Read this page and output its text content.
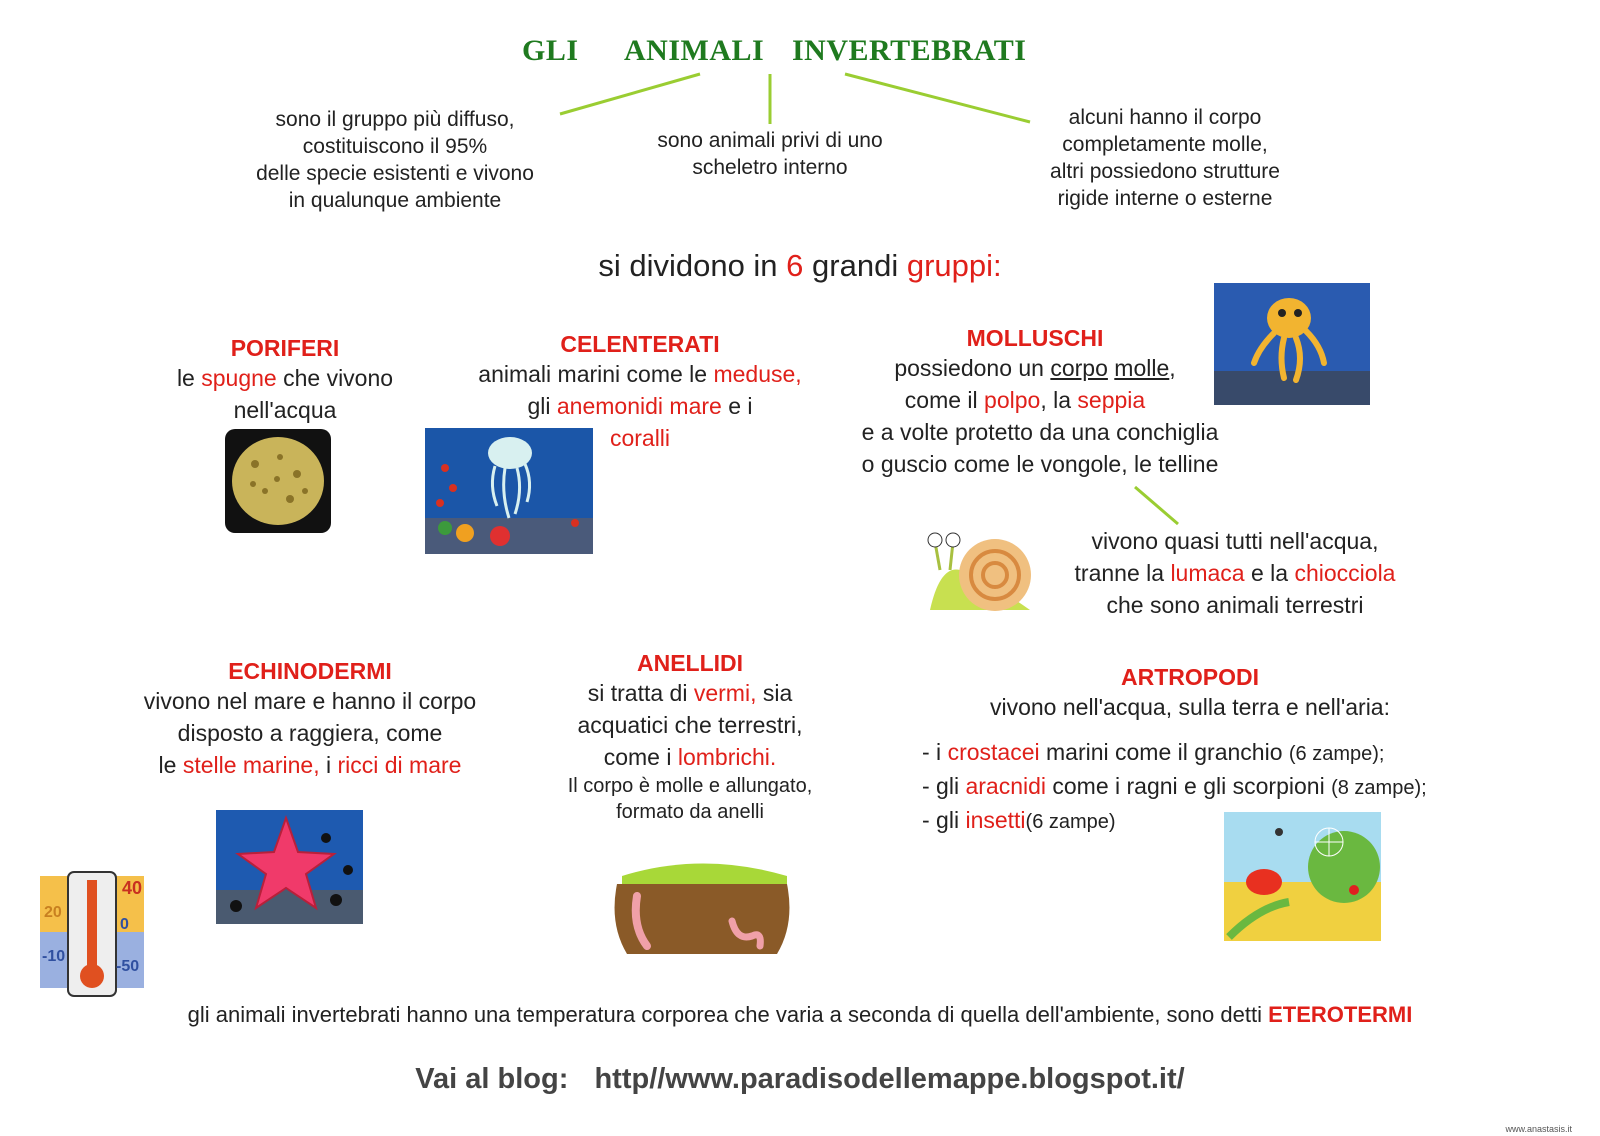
GLI ANIMALI INVERTEBRATI
sono il gruppo più diffuso,
costituiscono il 95%
delle specie esistenti e vivono
in qualunque ambiente
sono animali privi di uno
scheletro interno
alcuni hanno il corpo
completamente molle,
altri possiedono strutture
rigide interne o esterne
si dividono in 6 grandi gruppi:
PORIFERI
le spugne che vivono
nell'acqua
CELENTERATI
animali marini come le meduse,
gli anemonidi mare e i
coralli
MOLLUSCHI
possiedono un corpo molle,
come il polpo, la seppia
e a volte protetto da una conchiglia
o guscio come le vongole, le telline
vivono quasi tutti nell'acqua,
tranne la lumaca e la chiocciola
che sono animali terrestri
ECHINODERMI
vivono nel mare e hanno il corpo
disposto a raggiera, come
le stelle marine, i ricci di mare
40
20
0
-10
-50
ANELLIDI
si tratta di vermi, sia
acquatici che terrestri,
come i lombrichi.
Il corpo è molle e allungato,
formato da anelli
ARTROPODI
vivono nell'acqua, sulla terra e nell'aria:
- i crostacei marini come il granchio (6 zampe);
- gli aracnidi come i ragni e gli scorpioni (8 zampe);
- gli insetti(6 zampe)
gli animali invertebrati hanno una temperatura corporea che varia a seconda di quella dell'ambiente, sono detti ETEROTERMI
Vai al blog: http//www.paradisodellemappe.blogspot.it/
www.anastasis.it
